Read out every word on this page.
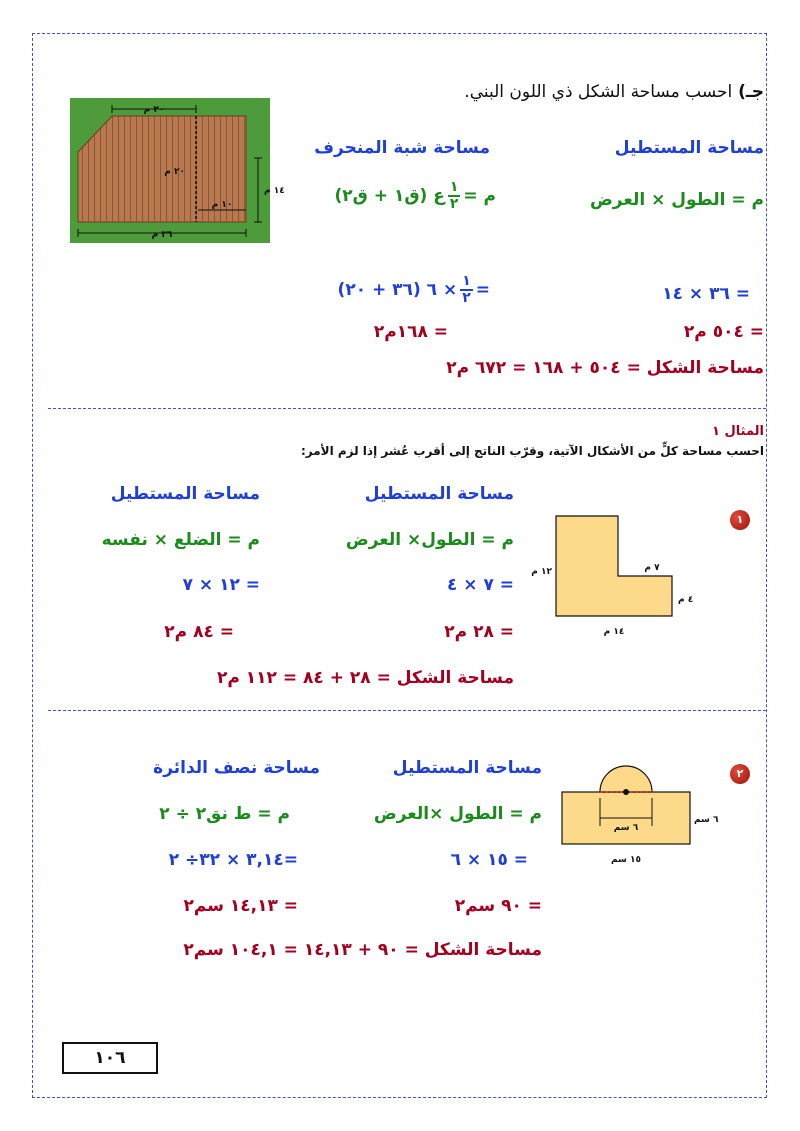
جـ) احسب مساحة الشكل ذي اللون البني.
٢٠ م
٢٠ م
١٤ م
١٠ م
٣٦ م
مساحة المستطيل
مساحة شبة المنحرف
م = الطول × العرض
م =
$\frac{١}{٢}$
ع (ق١ + ق٢)
= ٣٦ × ١٤
=
$\frac{١}{٢}$
× ٦ (٣٦ + ٢٠)
= ٥٠٤ م٢
= ١٦٨م٢
مساحة الشكل = ٥٠٤ + ١٦٨ = ٦٧٢ م٢
المثال ١
احسب مساحة كلٍّ من الأشكال الآتية، وقرّب الناتج إلى أقرب عُشر إذا لزم الأمر:
١
١٢ م	٧ م
٤ م
١٤ م
مساحة المستطيل
مساحة المستطيل
م = الطول× العرض
م = الضلع × نفسه
= ٧ × ٤
= ١٢ × ٧
= ٢٨ م٢
= ٨٤ م٢
مساحة الشكل = ٢٨ + ٨٤ = ١١٢ م٢
٢
٦ سم
٦ سم
١٥ سم
مساحة المستطيل
مساحة نصف الدائرة
م = الطول ×العرض
م = ط نق٢ ÷ ٢
= ١٥ × ٦
=٣,١٤ × ٣٢÷ ٢
= ٩٠ سم٢
= ١٤,١٣ سم٢
مساحة الشكل = ٩٠ + ١٤,١٣ = ١٠٤,١ سم٢
١٠٦
